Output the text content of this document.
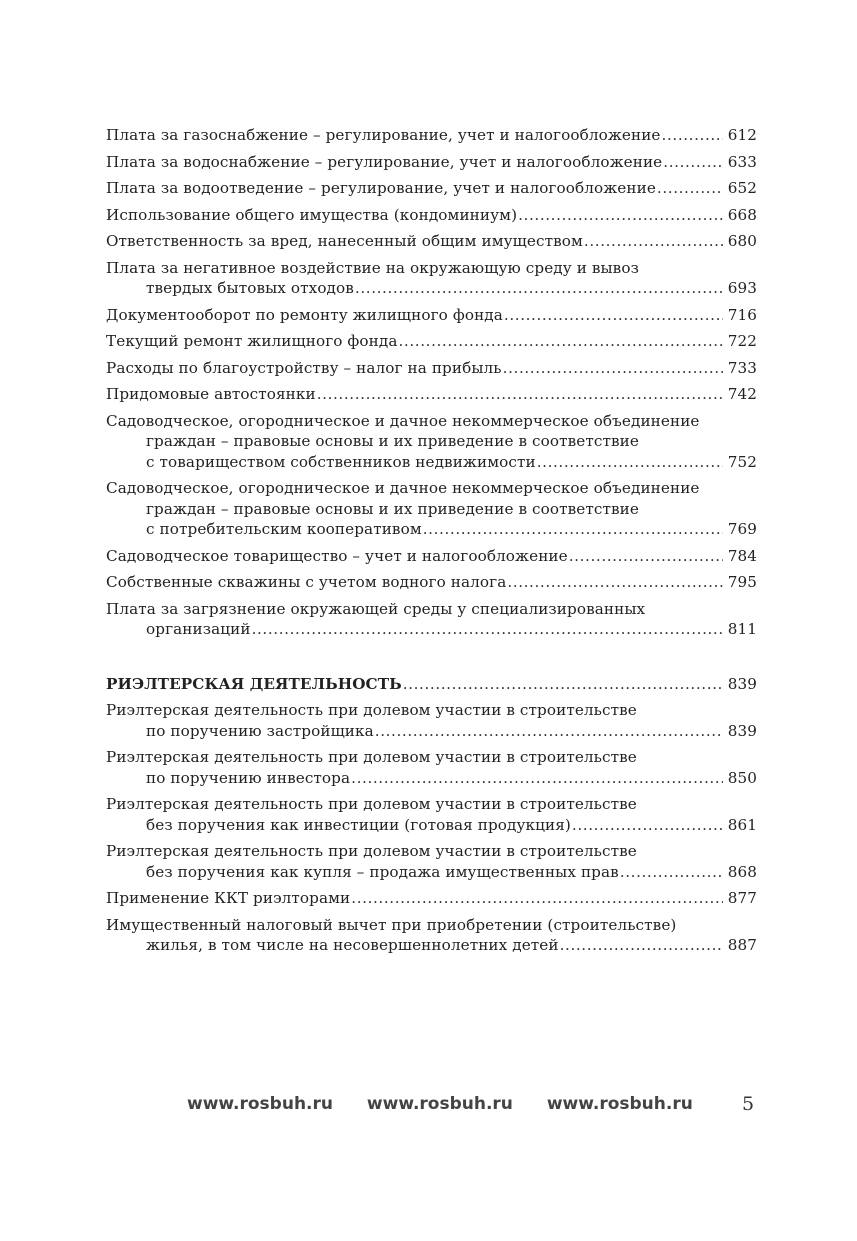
Плата за газоснабжение – регулирование, учет и налогообложение .....	612
Плата за водоснабжение – регулирование, учет и налогообложение .....	633
Плата за водоотведение – регулирование, учет и налогообложение .....	652
Использование общего имущества (кондоминиум) .....	668
Ответственность за вред, нанесенный общим имуществом .....	680
Плата за негативное воздействие на окружающую среду и вывоз
твердых бытовых отходов .....	693
Документооборот по ремонту жилищного фонда .....	716
Текущий ремонт жилищного фонда .....	722
Расходы по благоустройству – налог на прибыль .....	733
Придомовые автостоянки .....	742
Садоводческое, огородническое и дачное некоммерческое объединение
граждан – правовые основы и их приведение в соответствие
с товариществом собственников недвижимости .....	752
Садоводческое, огородническое и дачное некоммерческое объединение
граждан – правовые основы и их приведение в соответствие
с потребительским кооперативом .....	769
Садоводческое товарищество – учет и налогообложение .....	784
Собственные скважины с учетом водного налога .....	795
Плата за загрязнение окружающей среды у специализированных
организаций .....	811
РИЭЛТЕРСКАЯ ДЕЯТЕЛЬНОСТЬ .....	839
Риэлтерская деятельность при долевом участии в строительстве
по поручению застройщика .....	839
Риэлтерская деятельность при долевом участии в строительстве
по поручению инвестора .....	850
Риэлтерская деятельность при долевом участии в строительстве
без поручения как инвестиции (готовая продукция) .....	861
Риэлтерская деятельность при долевом участии в строительстве
без поручения как купля – продажа имущественных прав .....	868
Применение ККТ риэлторами .....	877
Имущественный налоговый вычет при приобретении (строительстве)
жилья, в том числе на несовершеннолетних детей .....	887
www.rosbuh.ru www.rosbuh.ru www.rosbuh.ru	5
